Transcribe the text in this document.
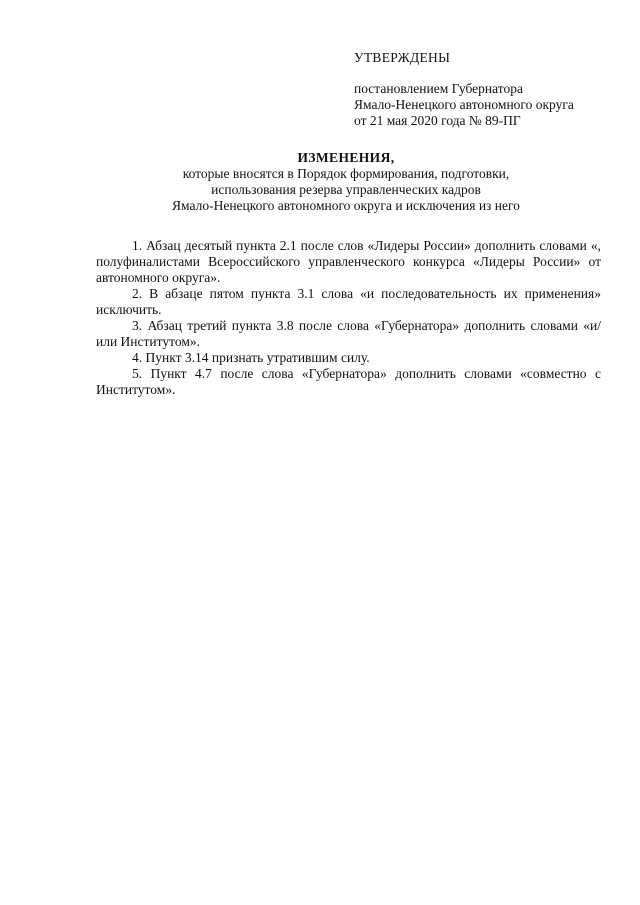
УТВЕРЖДЕНЫ
постановлением Губернатора
Ямало-Ненецкого автономного округа
от 21 мая 2020 года № 89-ПГ
ИЗМЕНЕНИЯ,
которые вносятся в Порядок формирования, подготовки,
использования резерва управленческих кадров
Ямало-Ненецкого автономного округа и исключения из него

1. Абзац десятый пункта 2.1 после слов «Лидеры России» дополнить словами «, полуфиналистами Всероссийского управленческого конкурса «Лидеры России» от автономного округа».

2. В абзаце пятом пункта 3.1 слова «и последовательность их применения» исключить.

3. Абзац третий пункта 3.8 после слова «Губернатора» дополнить словами «и/или Институтом».

4. Пункт 3.14 признать утратившим силу.

5. Пункт 4.7 после слова «Губернатора» дополнить словами «совместно с Институтом».
